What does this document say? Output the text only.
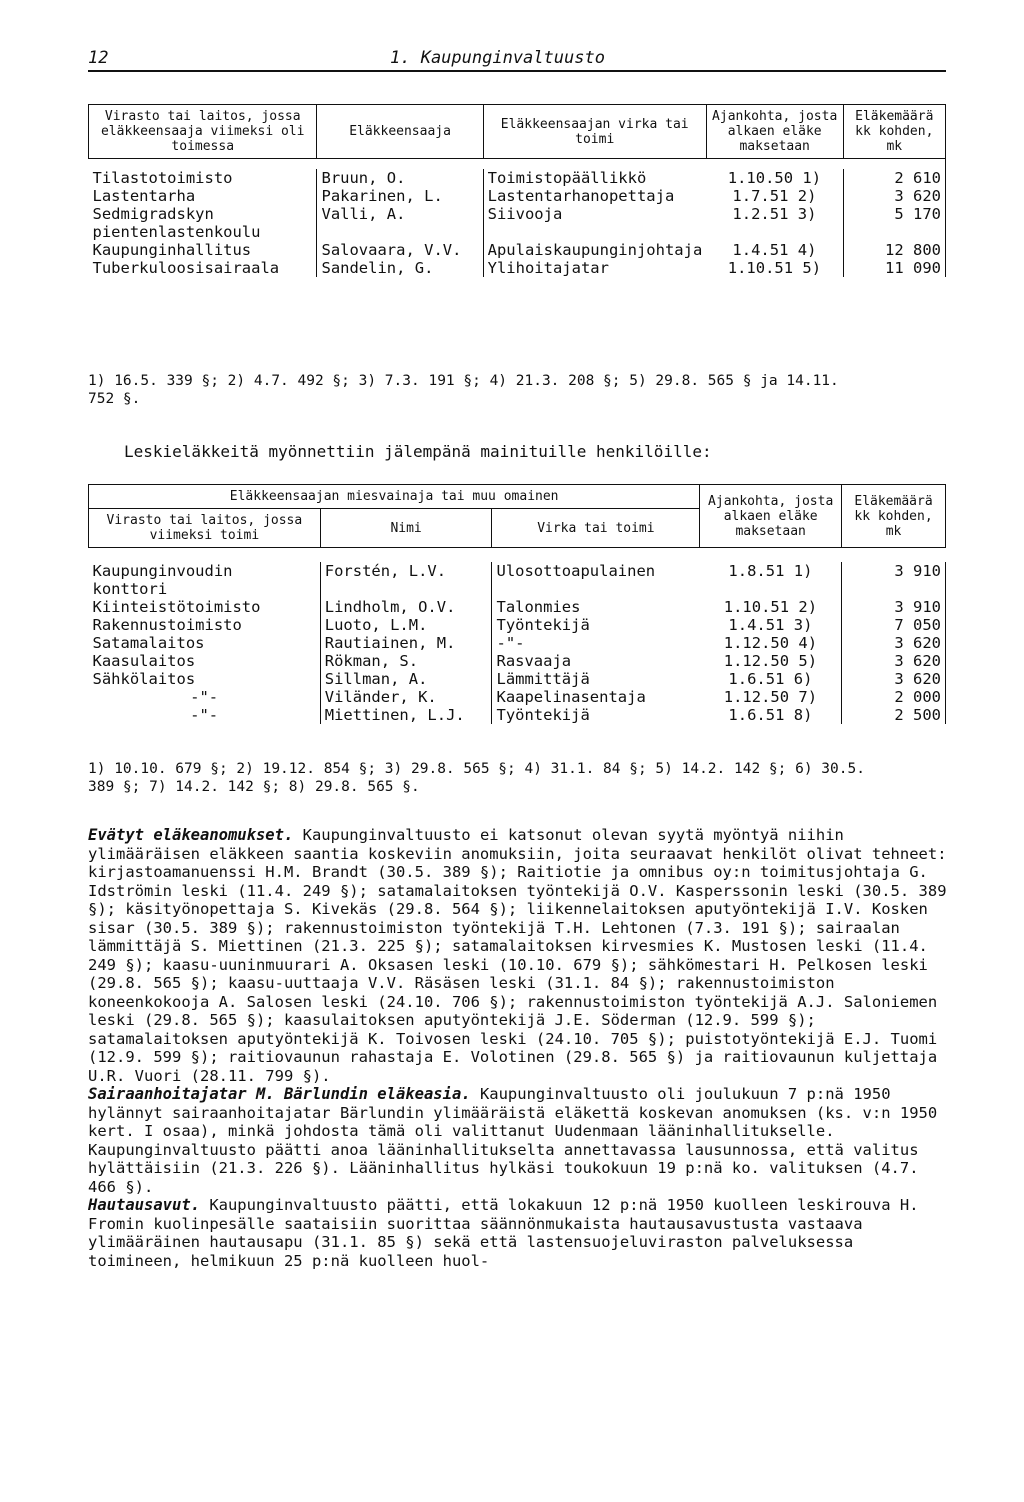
12	1. Kaupunginvaltuusto
Virasto tai laitos, jossa eläkkeensaaja viimeksi oli toimessa	Eläkkeensaaja	Eläkkeensaajan virka tai toimi	Ajankohta, josta alkaen eläke maksetaan	Eläkemäärä kk kohden, mk

Tilastotoimisto	Bruun, O.	Toimistopäällikkö	1.10.50 1)	2 610
Lastentarha	Pakarinen, L.	Lastentarhanopettaja	1.7.51 2)	3 620
Sedmigradskyn pientenlastenkoulu	Valli, A.	Siivooja	1.2.51 3)	5 170
Kaupunginhallitus	Salovaara, V.V.	Apulaiskaupunginjohtaja	1.4.51 4)	12 800
Tuberkuloosisairaala	Sandelin, G.	Ylihoitajatar	1.10.51 5)	11 090
1) 16.5. 339 §; 2) 4.7. 492 §; 3) 7.3. 191 §; 4) 21.3. 208 §; 5) 29.8. 565 § ja 14.11.
752 §.
Leskieläkkeitä myönnettiin jälempänä mainituille henkilöille:
Eläkkeensaajan miesvainaja tai muu omainen			Ajankohta, josta alkaen eläke maksetaan	Eläkemäärä kk kohden, mk
Virasto tai laitos, jossa viimeksi toimi	Nimi	Virka tai toimi		

Kaupunginvoudin konttori	Forstén, L.V.	Ulosottoapulainen	1.8.51 1)	3 910
Kiinteistötoimisto	Lindholm, O.V.	Talonmies	1.10.51 2)	3 910
Rakennustoimisto	Luoto, L.M.	Työntekijä	1.4.51 3)	7 050
Satamalaitos	Rautiainen, M.	-"-	1.12.50 4)	3 620
Kaasulaitos	Rökman, S.	Rasvaaja	1.12.50 5)	3 620
Sähkölaitos	Sillman, A.	Lämmittäjä	1.6.51 6)	3 620
-"-	Viländer, K.	Kaapelinasentaja	1.12.50 7)	2 000
-"-	Miettinen, L.J.	Työntekijä	1.6.51 8)	2 500
1) 10.10. 679 §; 2) 19.12. 854 §; 3) 29.8. 565 §; 4) 31.1. 84 §; 5) 14.2. 142 §; 6) 30.5.
389 §; 7) 14.2. 142 §; 8) 29.8. 565 §.
Evätyt eläkeanomukset. Kaupunginvaltuusto ei katsonut olevan syytä myöntyä niihin ylimääräisen eläkkeen saantia koskeviin anomuksiin, joita seuraavat henkilöt olivat tehneet: kirjastoamanuenssi H.M. Brandt (30.5. 389 §); Raitiotie ja omnibus oy:n toimitusjohtaja G. Idströmin leski (11.4. 249 §); satamalaitoksen työntekijä O.V. Kasperssonin leski (30.5. 389 §); käsityönopettaja S. Kivekäs (29.8. 564 §); liikennelaitoksen aputyöntekijä I.V. Kosken sisar (30.5. 389 §); rakennustoimiston työntekijä T.H. Lehtonen (7.3. 191 §); sairaalan lämmittäjä S. Miettinen (21.3. 225 §); satamalaitoksen kirvesmies K. Mustosen leski (11.4. 249 §); kaasu-uuninmuurari A. Oksasen leski (10.10. 679 §); sähkömestari H. Pelkosen leski (29.8. 565 §); kaasu-uuttaaja V.V. Räsäsen leski (31.1. 84 §); rakennustoimiston koneenkokooja A. Salosen leski (24.10. 706 §); rakennustoimiston työntekijä A.J. Saloniemen leski (29.8. 565 §); kaasulaitoksen aputyöntekijä J.E. Söderman (12.9. 599 §); satamalaitoksen aputyöntekijä K. Toivosen leski (24.10. 705 §); puistotyöntekijä E.J. Tuomi (12.9. 599 §); raitiovaunun rahastaja E. Volotinen (29.8. 565 §) ja raitiovaunun kuljettaja U.R. Vuori (28.11. 799 §).
Sairaanhoitajatar M. Bärlundin eläkeasia. Kaupunginvaltuusto oli joulukuun 7 p:nä 1950 hylännyt sairaanhoitajatar Bärlundin ylimääräistä eläkettä koskevan anomuksen (ks. v:n 1950 kert. I osaa), minkä johdosta tämä oli valittanut Uudenmaan lääninhallitukselle. Kaupunginvaltuusto päätti anoa lääninhallitukselta annettavassa lausunnossa, että valitus hylättäisiin (21.3. 226 §). Lääninhallitus hylkäsi toukokuun 19 p:nä ko. valituksen (4.7. 466 §).
Hautausavut. Kaupunginvaltuusto päätti, että lokakuun 12 p:nä 1950 kuolleen leskirouva H. Fromin kuolinpesälle saataisiin suorittaa säännönmukaista hautausavustusta vastaava ylimääräinen hautausapu (31.1. 85 §) sekä että lastensuojeluviraston palveluksessa toimineen, helmikuun 25 p:nä kuolleen huol-
